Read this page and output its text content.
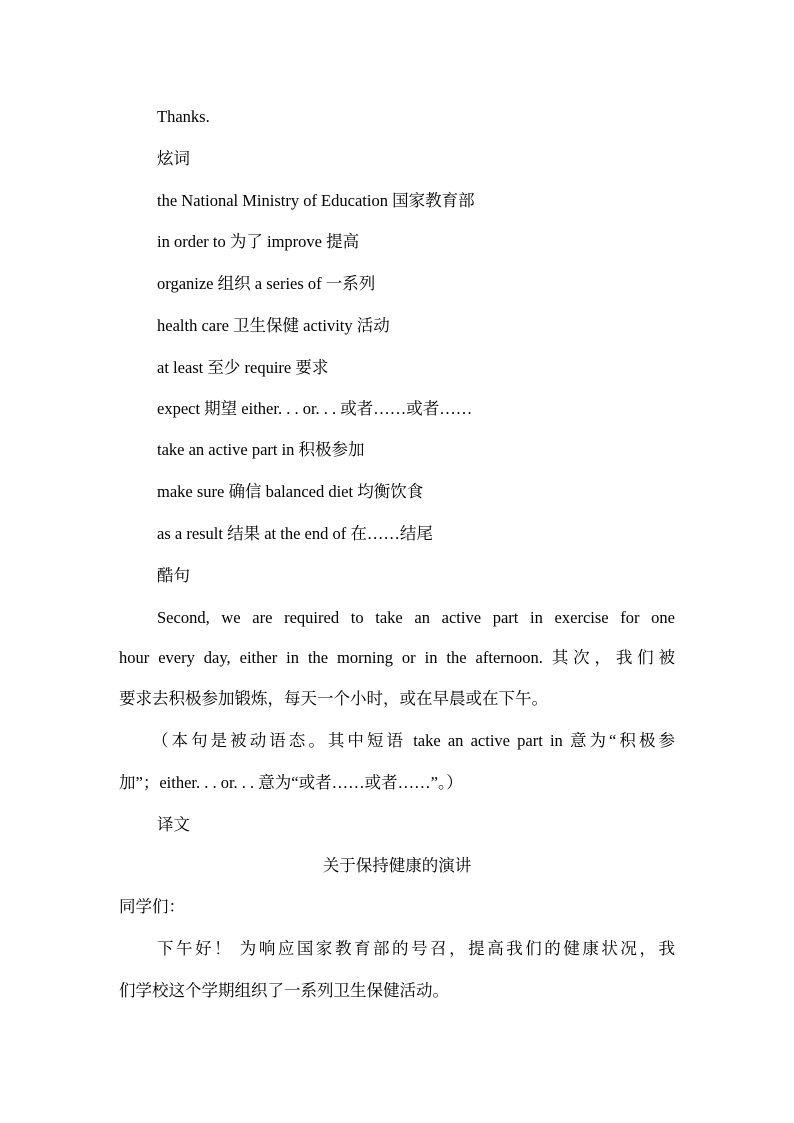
Thanks.
炫词
the National Ministry of Education 国家教育部
in order to 为了 improve 提高
organize 组织 a series of 一系列
health care 卫生保健 activity 活动
at least 至少 require 要求
expect 期望 either. . . or. . . 或者……或者……
take an active part in 积极参加
make sure 确信 balanced diet 均衡饮食
as a result 结果 at the end of 在……结尾
酷句
Second, we are required to take an active part in exercise for one
hour every day, either in the morning or in the afternoon. 其次，我们被
要求去积极参加锻炼，每天一个小时，或在早晨或在下午。
（本句是被动语态。其中短语 take an active part in 意为“积极参
加”；either. . . or. . . 意为“或者……或者……”。）
译文
关于保持健康的演讲
同学们：
下午好！ 为响应国家教育部的号召，提高我们的健康状况，我
们学校这个学期组织了一系列卫生保健活动。
